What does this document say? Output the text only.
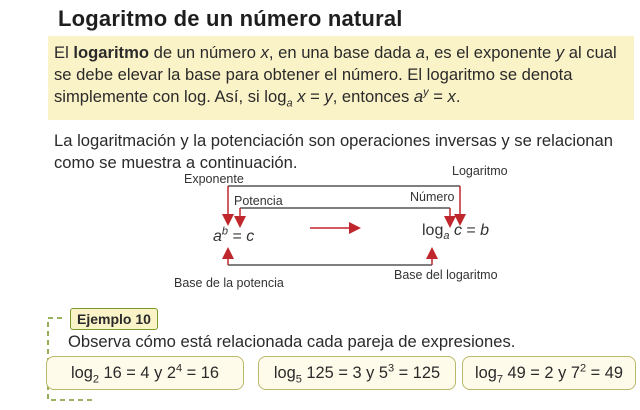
Logaritmo de un número natural
El logaritmo de un número x, en una base dada a, es el exponente y al cual se debe elevar la base para obtener el número. El logaritmo se denota simplemente con log. Así, si $\log_a x = y$, entonces $a^y = x$.
La logaritmación y la potenciación son operaciones inversas y se relacionan como se muestra a continuación.
Exponente
Potencia
Base de la potencia
Logaritmo
Número
Base del logaritmo
$a^b = c$	$\log_a c = b$
Ejemplo 10
Observa cómo está relacionada cada pareja de expresiones.
$\log_2 16 = 4$ y $2^4 = 16$	$\log_5 125 = 3$ y $5^3 = 125$	$\log_7 49 = 2$ y $7^2 = 49$
